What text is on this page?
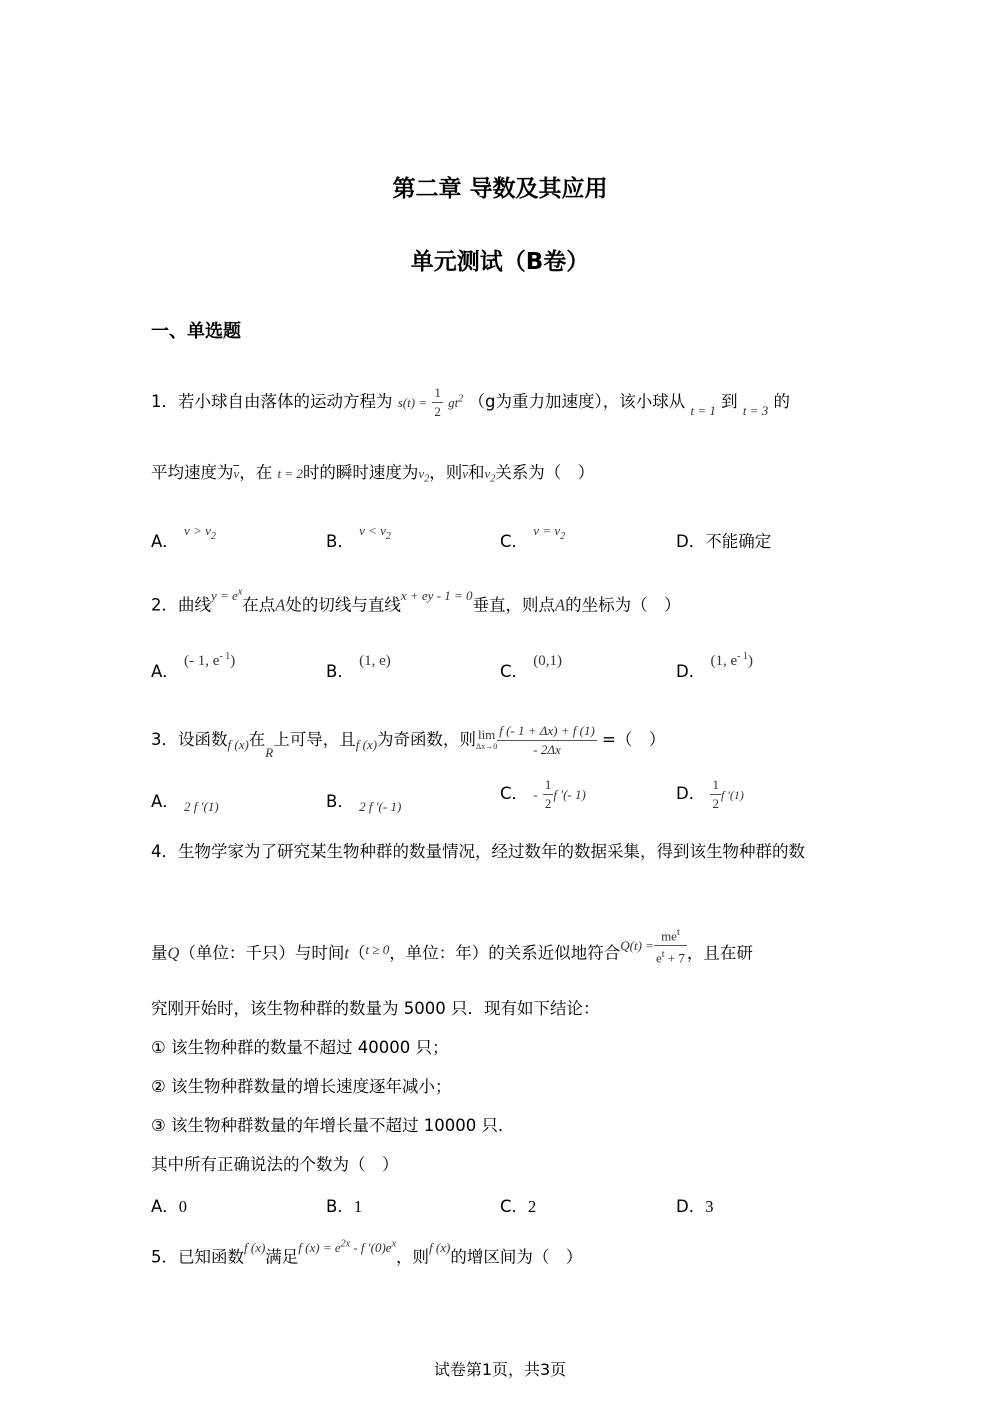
第二章 导数及其应用
单元测试（B卷）
一、单选题
1．若小球自由落体的运动方程为 $s(t) = \frac{1}{2} gt^2$ （g为重力加速度），该小球从 $_{t = 1}$ 到 $_{t = 3}$ 的
平均速度为$\overline{v}$，在 t = 2时的瞬时速度为$v_2$，则$\overline{v}$和$v_2$关系为（　）
A． $^{v > v}_2$	B． $^{v < v}_2$	C． $^{v = v}_2$	D．不能确定
2．曲线$^{y = e^x}$在点A处的切线与直线$^{x + ey - 1 = 0}$垂直，则点A的坐标为（　）
A． (- 1, $e^{- 1}$)
B． (1, e)
C． (0,1)
D． (1, $e^{- 1}$)
3．设函数$_{f (x)}$在$_R$上可导，且$_{f (x)}$为奇函数，则 lim
$\Delta x\to 0 \frac{f (- 1 + \Delta x) + f (1)}{- 2\Delta x}$ =（　）
A． $_{2 f '(1)}$	B． $_{2 f '(- 1)}$
C． - $\frac{1}{2}$ f ′(- 1)	D． $\frac{1}{2}$ f ′(1)
4．生物学家为了研究某生物种群的数量情况，经过数年的数据采集，得到该生物种群的数
量Q（单位：千只）与时间t（$^{t \ge 0}$，单位：年）的关系近似地符合$^{Q(t) =} \frac{me^t}{e^t + 7}$ ，且在研
究刚开始时，该生物种群的数量为 5000 只．现有如下结论：
① 该生物种群的数量不超过 40000 只；
② 该生物种群数量的增长速度逐年减小；
③ 该生物种群数量的年增长量不超过 10000 只．
其中所有正确说法的个数为（　）
A．0	B．1	C．2	D．3
5．已知函数$^{f (x)}$满足$^{f (x) = e^{2x} - f '(0)e^x}$，则$^{f (x)}$的增区间为（　）
试卷第1页，共3页
